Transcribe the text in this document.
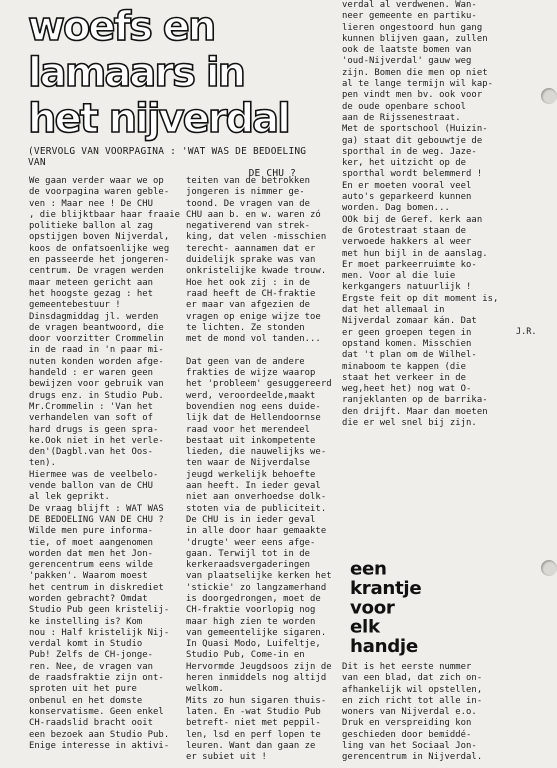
woefs en
lamaars in
het nijverdal
(VERVOLG VAN VOORPAGINA : 'WAT WAS DE BEDOELING VAN
DE CHU ?
We gaan verder waar we op
de voorpagina waren geble-
ven : Maar nee ! De CHU
, die blijktbaar haar fraaie
politieke ballon al zag
opstijgen boven Nijverdal,
koos de onfatsoenlijke weg
en passeerde het jongeren-
centrum. De vragen werden
maar meteen gericht aan
het hoogste gezag : het
gemeentebestuur !
Dinsdagmiddag jl. werden
de vragen beantwoord, die
door voorzitter Crommelin
in de raad in 'n paar mi-
nuten konden worden afge-
handeld : er waren geen
bewijzen voor gebruik van
drugs enz. in Studio Pub.
Mr.Crommelin : 'Van het
verhandelen van soft of
hard drugs is geen spra-
ke.Ook niet in het verle-
den'(Dagbl.van het Oos-
ten).
Hiermee was de veelbelo-
vende ballon van de CHU
al lek geprikt.
De vraag blijft : WAT WAS
DE BEDOELING VAN DE CHU ?
Wilde men pure informa-
tie, of moet aangenomen
worden dat men het Jon-
gerencentrum eens wilde
'pakken'. Waarom moest
het centrum in diskrediet
worden gebracht? Omdat
Studio Pub geen kristelij-
ke instelling is? Kom
nou : Half kristelijk Nij-
verdal komt in Studio
Pub! Zelfs de CH-jonge-
ren. Nee, de vragen van
de raadsfraktie zijn ont-
sproten uit het pure
onbenul en het domste
konservatisme. Geen enkel
CH-raadslid bracht ooit
een bezoek aan Studio Pub.
Enige interesse in aktivi-
teiten van de betrokken
jongeren is nimmer ge-
toond. De vragen van de
CHU aan b. en w. waren zó
negativerend van strek-
king, dat velen -misschien
terecht- aannamen dat er
duidelijk sprake was van
onkristelijke kwade trouw.
Hoe het ook zij : in de
raad heeft de CH-fraktie
er maar van afgezien de
vragen op enige wijze toe
te lichten. Ze stonden
met de mond vol tanden...

Dat geen van de andere
frakties de wijze waarop
het 'probleem' gesuggereerd
werd, veroordeelde,maakt
bovendien nog eens duide-
lijk dat de Hellendoornse
raad voor het merendeel
bestaat uit inkompetente
lieden, die nauwelijks we-
ten waar de Nijverdalse
jeugd werkelijk behoefte
aan heeft. In ieder geval
niet aan onverhoedse dolk-
stoten via de publiciteit.
De CHU is in ieder geval
in alle door haar gemaakte
'drugte' weer eens afge-
gaan. Terwijl tot in de
kerkeraadsvergaderingen
van plaatselijke kerken het
'stickie' zo langzamerhand
is doorgedrongen, moet de
CH-fraktie voorlopig nog
maar high zien te worden
van gemeentelijke sigaren.
In Quasi Modo, Luifeltje,
Studio Pub, Come-in en
Hervormde Jeugdsoos zijn de
heren inmiddels nog altijd
welkom.
Mits zo hun sigaren thuis-
laten. En -wat Studio Pub
betreft- niet met peppil-
len, lsd en perf lopen te
leuren. Want dan gaan ze
er subiet uit !
verdal al verdwenen. Wan-
neer gemeente en partiku-
lieren ongestoord hun gang
kunnen blijven gaan, zullen
ook de laatste bomen van
'oud-Nijverdal' gauw weg
zijn. Bomen die men op niet
al te lange termijn wil kap-
pen vindt men bv. ook voor
de oude openbare school
aan de Rijssenestraat.
Met de sportschool (Huizin-
ga) staat dit gebouwtje de
sporthal in de weg. Jaze-
ker, het uitzicht op de
sporthal wordt belemmerd !
En er moeten vooral veel
auto's geparkeerd kunnen
worden. Dag bomen...
OOk bij de Geref. kerk aan
de Grotestraat staan de
verwoede hakkers al weer
met hun bijl in de aanslag.
Er moet parkeerruimte ko-
men. Voor al die luie
kerkgangers natuurlijk !
Ergste feit op dit moment is,
dat het allemaal in
Nijverdal zomaar kán. Dat
er geen groepen tegen in
opstand komen. Misschien
dat 't plan om de Wilhel-
minaboom te kappen (die
staat het verkeer in de
weg,heet het) nog wat O-
ranjeklanten op de barrika-
den drijft. Maar dan moeten
die er wel snel bij zijn.
J.R.
een
krantje
voor
elk
handje
Dit is het eerste nummer
van een blad, dat zich on-
afhankelijk wil opstellen,
en zich richt tot alle in-
woners van Nijverdal e.o.
Druk en verspreiding kon
geschieden door bemiddé-
ling van het Sociaal Jon-
gerencentrum in Nijverdal.
